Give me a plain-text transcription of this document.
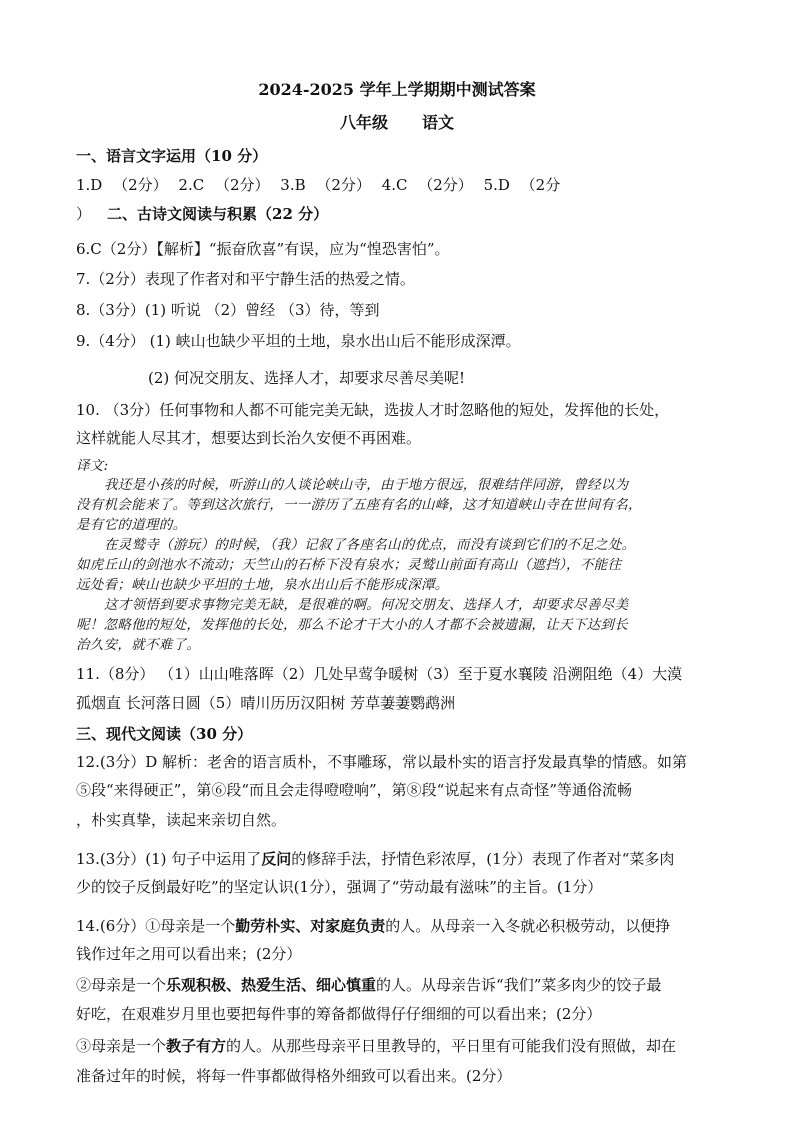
2024-2025 学年上学期期中测试答案
八年级 语文
一、语言文字运用（10 分）
1.D （2分） 2.C （2分） 3.B （2分） 4.C （2分） 5.D （2分
） 二、古诗文阅读与积累（22 分）
6.C（2分）【解析】“振奋欣喜”有误，应为“惶恐害怕”。
7.（2分）表现了作者对和平宁静生活的热爱之情。
8.（3分）(1) 听说 （2）曾经 （3）待，等到
9.（4分） (1) 峡山也缺少平坦的土地，泉水出山后不能形成深潭。
(2) 何况交朋友、选择人才，却要求尽善尽美呢!
10. （3分）任何事物和人都不可能完美无缺，选拔人才时忽略他的短处，发挥他的长处，
这样就能人尽其才，想要达到长治久安便不再困难。
译文:
我还是小孩的时候，听游山的人谈论峡山寺，由于地方很远，很难结伴同游，曾经以为
没有机会能来了。等到这次旅行，一一游历了五座有名的山峰，这才知道峡山寺在世间有名，
是有它的道理的。
在灵鹫寺（游玩）的时候，（我）记叙了各座名山的优点，而没有谈到它们的不足之处。
如虎丘山的剑池水不流动；天竺山的石桥下没有泉水；灵鹫山前面有高山（遮挡），不能往
远处看；峡山也缺少平坦的土地，泉水出山后不能形成深潭。
这才领悟到要求事物完美无缺，是很难的啊。何况交朋友、选择人才，却要求尽善尽美
呢！忽略他的短处，发挥他的长处，那么不论才干大小的人才都不会被遗漏，让天下达到长
治久安，就不难了。
11.（8分） （1）山山唯落晖（2）几处早莺争暖树（3）至于夏水襄陵 沿溯阻绝（4）大漠
孤烟直 长河落日圆（5）晴川历历汉阳树 芳草萋萋鹦鹉洲
三、现代文阅读（30 分）
12.(3分）D 解析：老舍的语言质朴，不事雕琢，常以最朴实的语言抒发最真挚的情感。如第
⑤段“来得硬正”，第⑥段“而且会走得噔噔响”，第⑧段“说起来有点奇怪”等通俗流畅
，朴实真挚，读起来亲切自然。
13.(3分）(1) 句子中运用了反问的修辞手法，抒情色彩浓厚，(1分）表现了作者对“菜多肉
少的饺子反倒最好吃”的坚定认识(1分），强调了“劳动最有滋味”的主旨。(1分）
14.(6分）①母亲是一个勤劳朴实、对家庭负责的人。从母亲一入冬就必积极劳动，以便挣
钱作过年之用可以看出来；(2分）
②母亲是一个乐观积极、热爱生活、细心慎重的人。从母亲告诉“我们”菜多肉少的饺子最
好吃，在艰难岁月里也要把每件事的筹备都做得仔仔细细的可以看出来；(2分）
③母亲是一个教子有方的人。从那些母亲平日里教导的，平日里有可能我们没有照做，却在
准备过年的时候，将每一件事都做得格外细致可以看出来。(2分）
